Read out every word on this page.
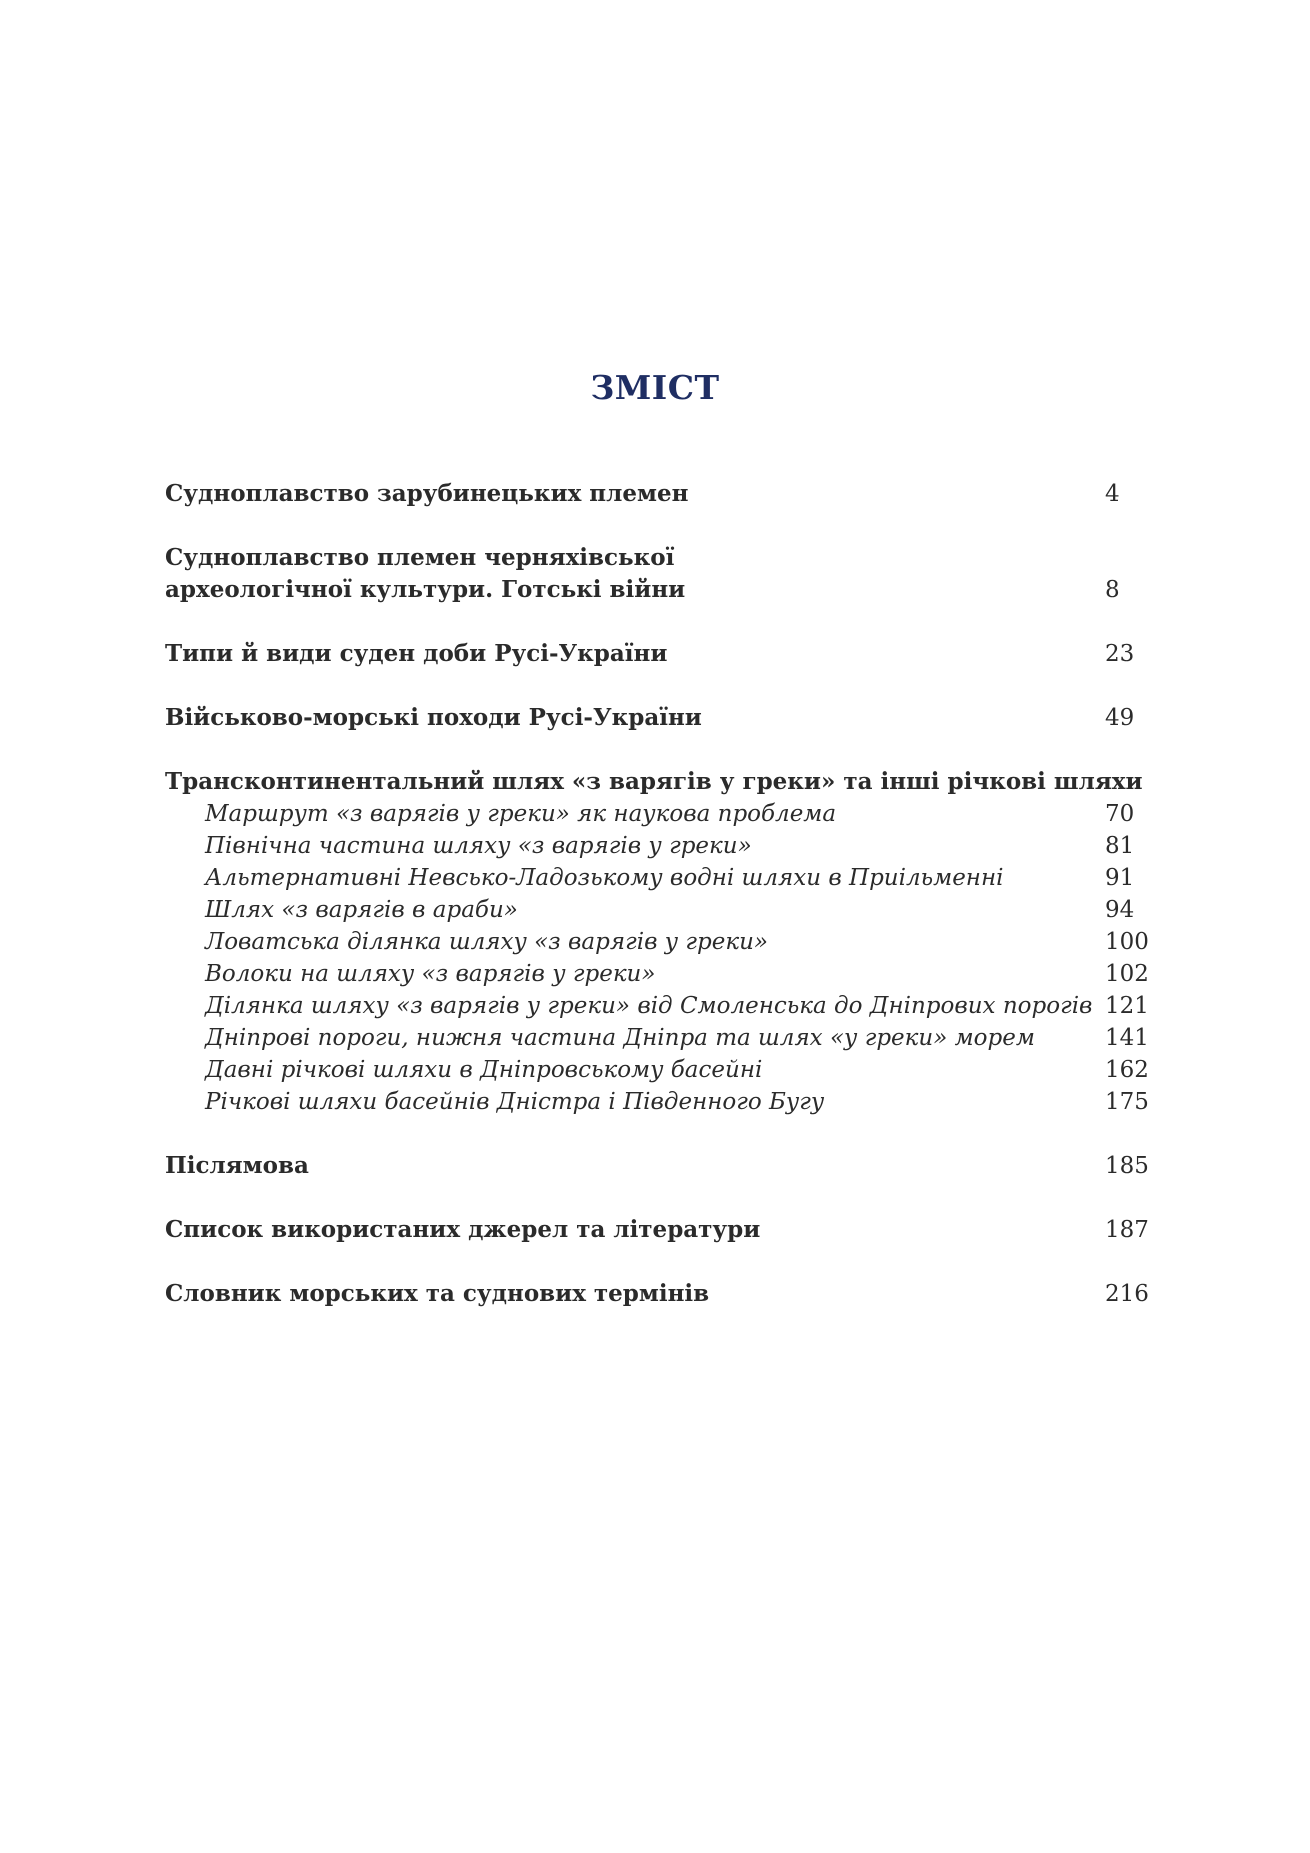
ЗМІСТ
Судноплавство зарубинецьких племен	4
Судноплавство племен черняхівської
археологічної культури. Готські війни	8
Типи й види суден доби Русі-України	23
Військово-морські походи Русі-України	49
Трансконтинентальний шлях «з варягів у греки» та інші річкові шляхи
Маршрут «з варягів у греки» як наукова проблема	70
Північна частина шляху «з варягів у греки»	81
Альтернативні Невсько-Ладозькому водні шляхи в Приільменні	91
Шлях «з варягів в араби»	94
Ловатська ділянка шляху «з варягів у греки»	100
Волоки на шляху «з варягів у греки»	102
Ділянка шляху «з варягів у греки» від Смоленська до Дніпрових порогів 121
Дніпрові пороги, нижня частина Дніпра та шлях «у греки» морем	141
Давні річкові шляхи в Дніпровському басейні	162
Річкові шляхи басейнів Дністра і Південного Бугу	175
Післямова	185
Список використаних джерел та літератури	187
Словник морських та суднових термінів	216
